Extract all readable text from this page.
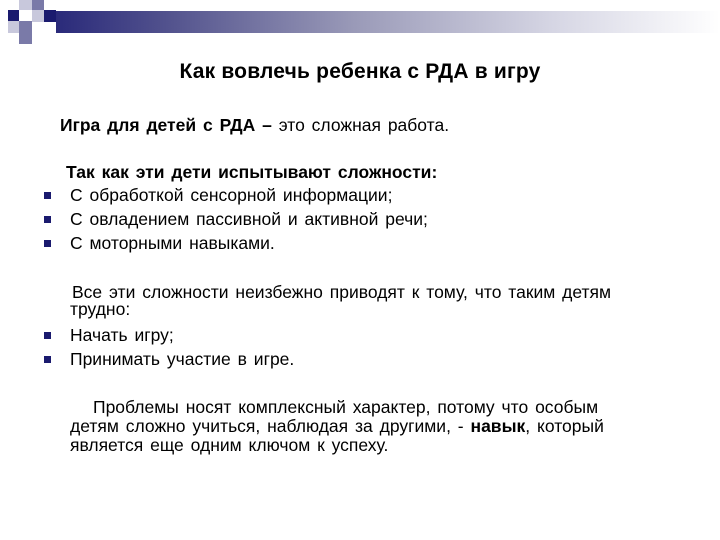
Как вовлечь ребенка с РДА в игру
Игра для детей с РДА – это сложная работа.
Так как эти дети испытывают сложности:
С обработкой сенсорной информации;
С овладением пассивной и активной речи;
С моторными навыками.
Все эти сложности неизбежно приводят к тому, что таким детям
трудно:
Начать игру;
Принимать участие в игре.
Проблемы носят комплексный характер, потому что особым
детям сложно учиться, наблюдая за другими, - навык, который
является еще одним ключом к успеху.
